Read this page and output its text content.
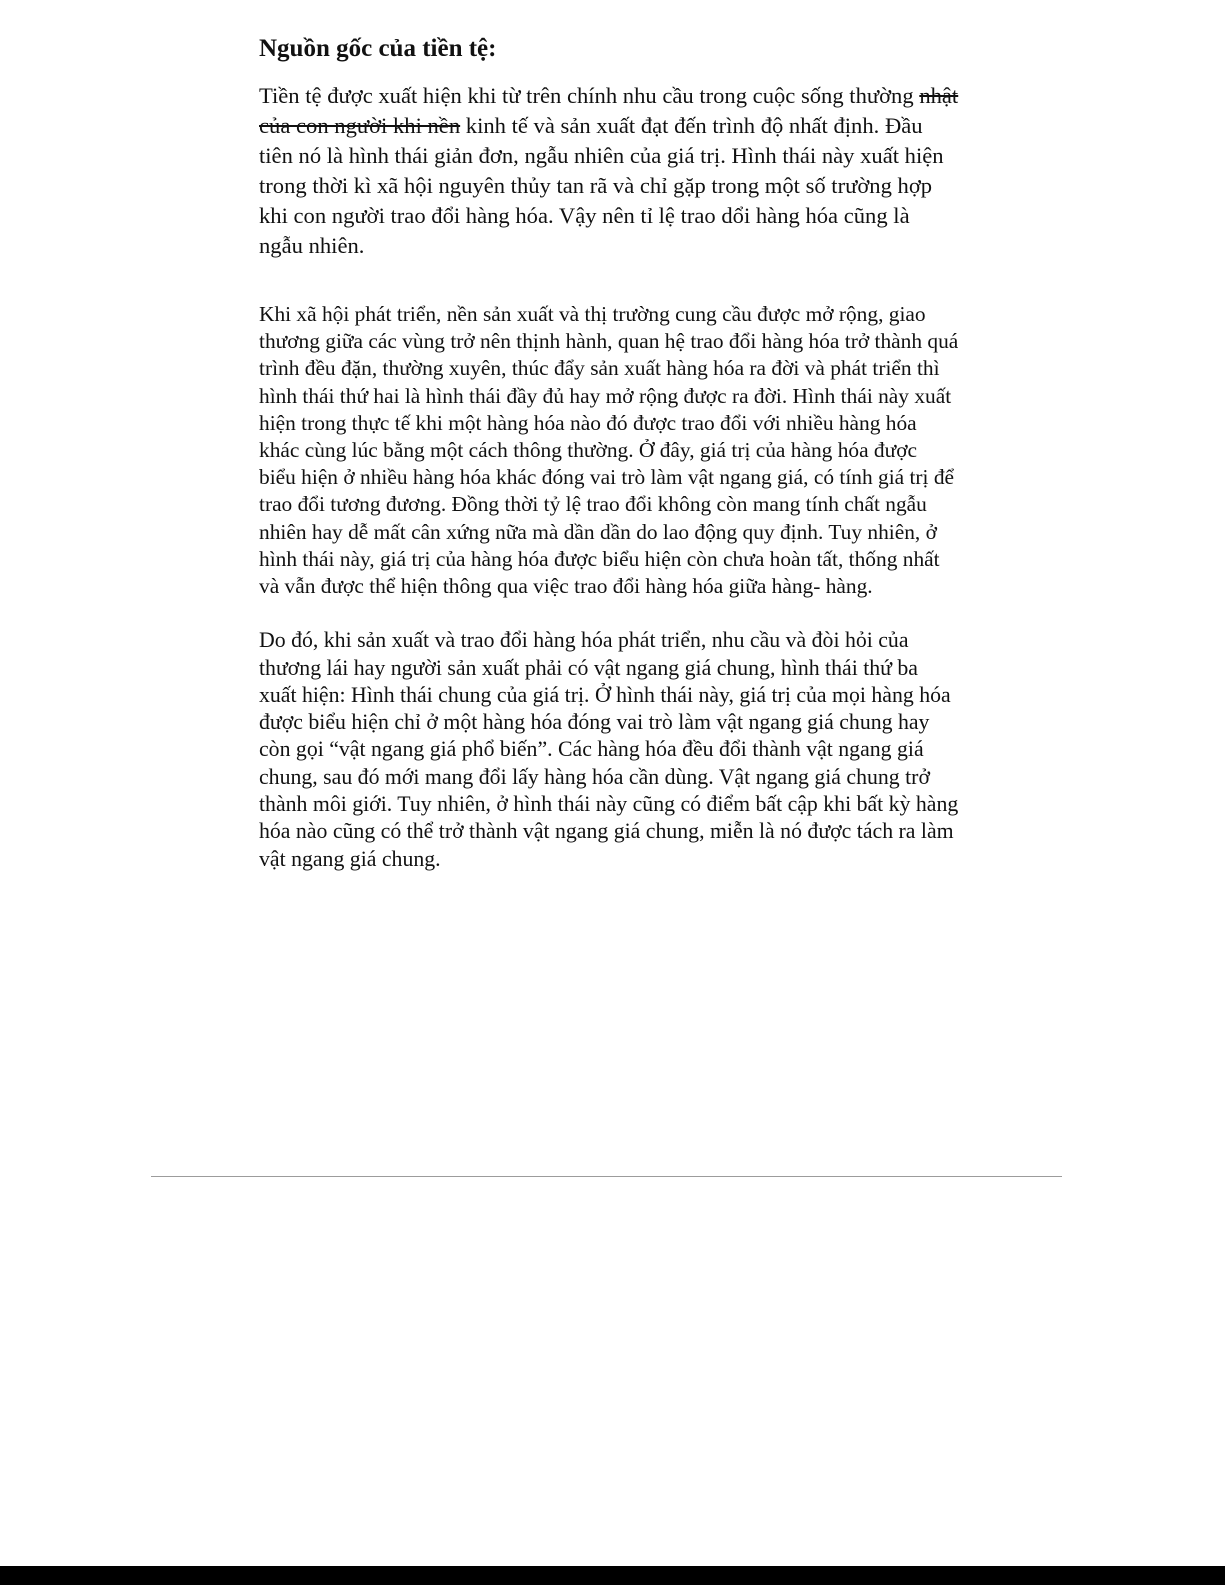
Nguồn gốc của tiền tệ:

Tiền tệ được xuất hiện khi từ trên chính nhu cầu trong cuộc sống thường nhật của con người khi nền kinh tế và sản xuất đạt đến trình độ nhất định. Đầu tiên nó là hình thái giản đơn, ngẫu nhiên của giá trị. Hình thái này xuất hiện trong thời kì xã hội nguyên thủy tan rã và chỉ gặp trong một số trường hợp khi con người trao đổi hàng hóa. Vậy nên tỉ lệ trao dổi hàng hóa cũng là ngẫu nhiên.

Khi xã hội phát triển, nền sản xuất và thị trường cung cầu được mở rộng, giao thương giữa các vùng trở nên thịnh hành, quan hệ trao đổi hàng hóa trở thành quá trình đều đặn, thường xuyên, thúc đẩy sản xuất hàng hóa ra đời và phát triển thì hình thái thứ hai là hình thái đầy đủ hay mở rộng được ra đời. Hình thái này xuất hiện trong thực tế khi một hàng hóa nào đó được trao đổi với nhiều hàng hóa khác cùng lúc bằng một cách thông thường. Ở đây, giá trị của hàng hóa được biểu hiện ở nhiều hàng hóa khác đóng vai trò làm vật ngang giá, có tính giá trị để trao đổi tương đương. Đồng thời tỷ lệ trao đổi không còn mang tính chất ngẫu nhiên hay dễ mất cân xứng nữa mà dần dần do lao động quy định. Tuy nhiên, ở hình thái này, giá trị của hàng hóa được biểu hiện còn chưa hoàn tất, thống nhất và vẫn được thể hiện thông qua việc trao đổi hàng hóa giữa hàng- hàng.

Do đó, khi sản xuất và trao đổi hàng hóa phát triển, nhu cầu và đòi hỏi của thương lái hay người sản xuất phải có vật ngang giá chung, hình thái thứ ba xuất hiện: Hình thái chung của giá trị. Ở hình thái này, giá trị của mọi hàng hóa được biểu hiện chỉ ở một hàng hóa đóng vai trò làm vật ngang giá chung hay còn gọi “vật ngang giá phổ biến”. Các hàng hóa đều đổi thành vật ngang giá chung, sau đó mới mang đổi lấy hàng hóa cần dùng. Vật ngang giá chung trở thành môi giới. Tuy nhiên, ở hình thái này cũng có điểm bất cập khi bất kỳ hàng hóa nào cũng có thể trở thành vật ngang giá chung, miễn là nó được tách ra làm vật ngang giá chung.
